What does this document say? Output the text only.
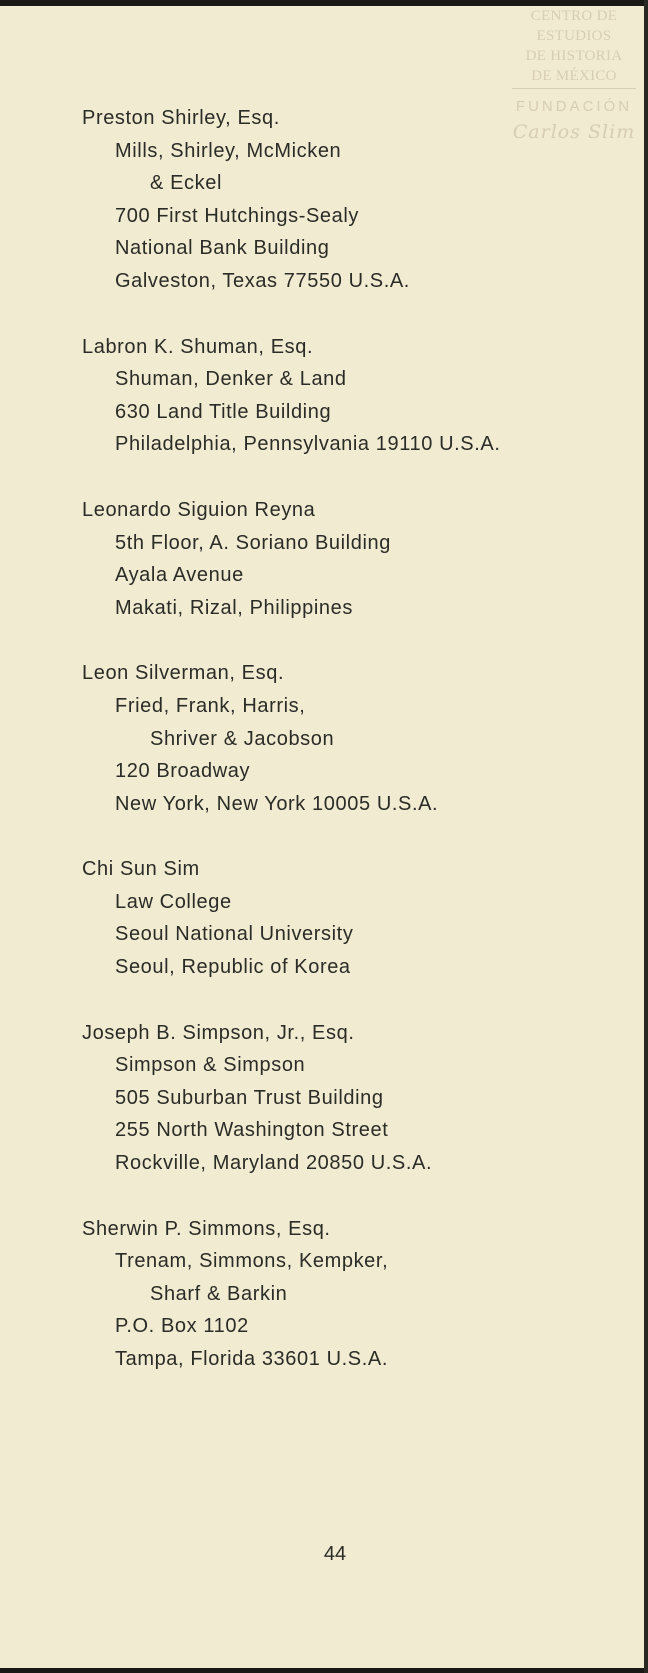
CENTRO DE
ESTUDIOS
DE HISTORIA
DE MÉXICO
FUNDACIÓN
Carlos Slim
Preston Shirley, Esq.
Mills, Shirley, McMicken
& Eckel
700 First Hutchings-Sealy
National Bank Building
Galveston, Texas 77550 U.S.A.
Labron K. Shuman, Esq.
Shuman, Denker & Land
630 Land Title Building
Philadelphia, Pennsylvania 19110 U.S.A.
Leonardo Siguion Reyna
5th Floor, A. Soriano Building
Ayala Avenue
Makati, Rizal, Philippines
Leon Silverman, Esq.
Fried, Frank, Harris,
Shriver & Jacobson
120 Broadway
New York, New York 10005 U.S.A.
Chi Sun Sim
Law College
Seoul National University
Seoul, Republic of Korea
Joseph B. Simpson, Jr., Esq.
Simpson & Simpson
505 Suburban Trust Building
255 North Washington Street
Rockville, Maryland 20850 U.S.A.
Sherwin P. Simmons, Esq.
Trenam, Simmons, Kempker,
Sharf & Barkin
P.O. Box 1102
Tampa, Florida 33601 U.S.A.
44
